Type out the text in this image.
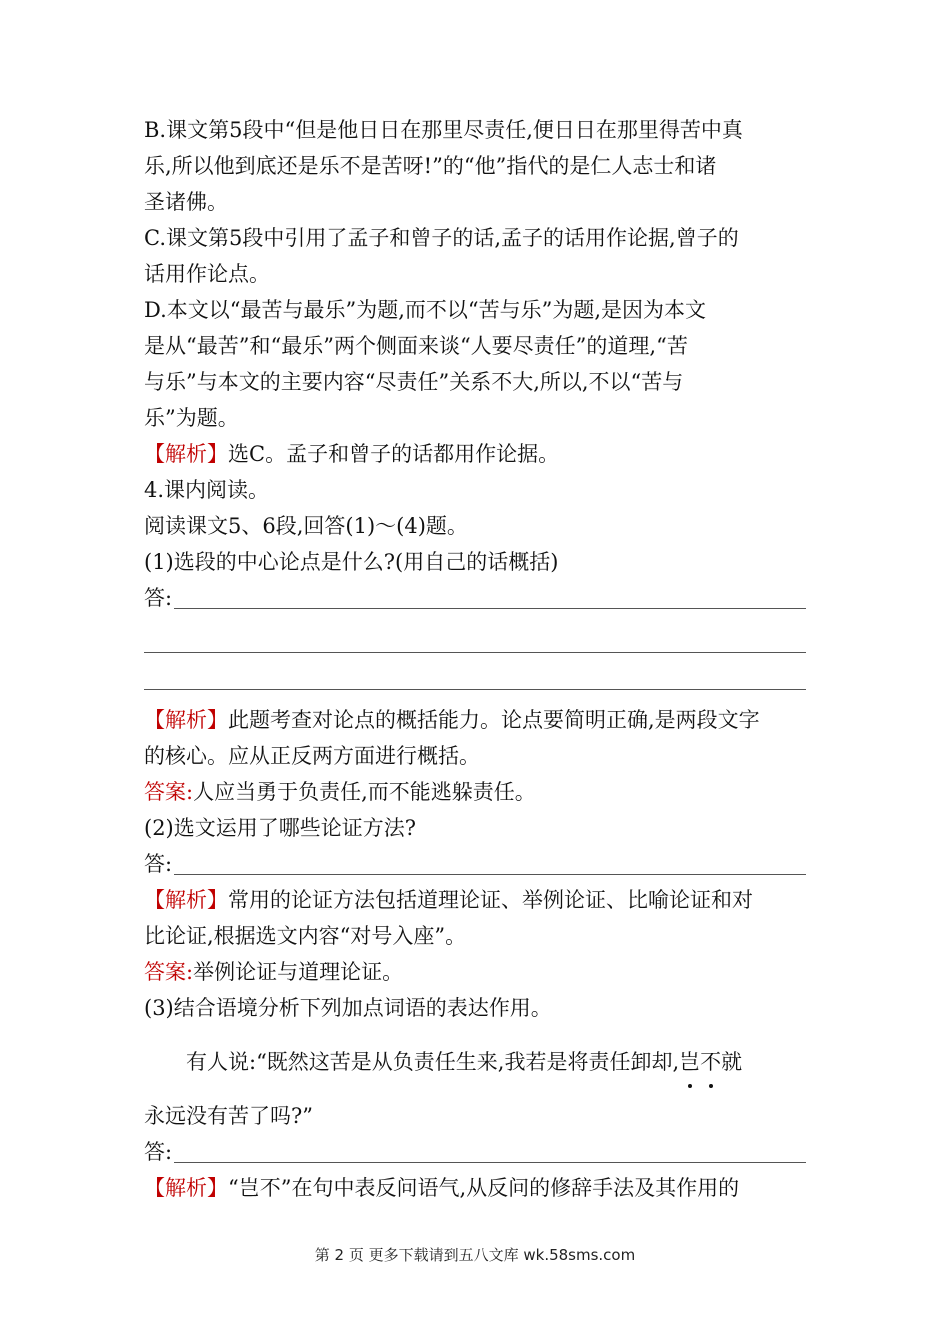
B.课文第5段中“但是他日日在那里尽责任,便日日在那里得苦中真
乐,所以他到底还是乐不是苦呀!”的“他”指代的是仁人志士和诸
圣诸佛。
C.课文第5段中引用了孟子和曾子的话,孟子的话用作论据,曾子的
话用作论点。
D.本文以“最苦与最乐”为题,而不以“苦与乐”为题,是因为本文
是从“最苦”和“最乐”两个侧面来谈“人要尽责任”的道理,“苦
与乐”与本文的主要内容“尽责任”关系不大,所以,不以“苦与
乐”为题。
【解析】选C。孟子和曾子的话都用作论据。
4.课内阅读。
阅读课文5、6段,回答(1)～(4)题。
(1)选段的中心论点是什么?(用自己的话概括)
答:
【解析】此题考查对论点的概括能力。论点要简明正确,是两段文字
的核心。应从正反两方面进行概括。
答案:人应当勇于负责任,而不能逃躲责任。
(2)选文运用了哪些论证方法?
答:
【解析】常用的论证方法包括道理论证、举例论证、比喻论证和对
比论证,根据选文内容“对号入座”。
答案:举例论证与道理论证。
(3)结合语境分析下列加点词语的表达作用。
有人说:“既然这苦是从负责任生来,我若是将责任卸却,岂不就
永远没有苦了吗?”
答:
【解析】“岂不”在句中表反问语气,从反问的修辞手法及其作用的
第 2 页 更多下载请到五八文库 wk.58sms.com
